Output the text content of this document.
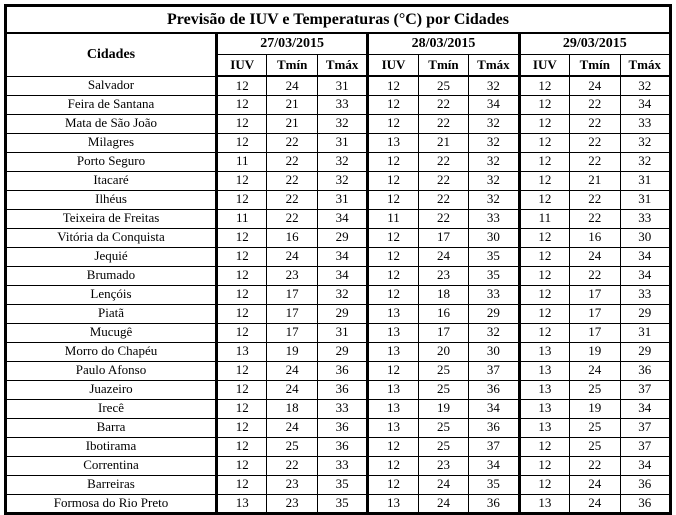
Previsão de IUV e Temperaturas (°C) por Cidades									
Cidades	27/03/2015			28/03/2015			29/03/2015		
	IUV	Tmín	Tmáx	IUV	Tmín	Tmáx	IUV	Tmín	Tmáx
Salvador	12	24	31	12	25	32	12	24	32
Feira de Santana	12	21	33	12	22	34	12	22	34
Mata de São João	12	21	32	12	22	32	12	22	33
Milagres	12	22	31	13	21	32	12	22	32
Porto Seguro	11	22	32	12	22	32	12	22	32
Itacaré	12	22	32	12	22	32	12	21	31
Ilhéus	12	22	31	12	22	32	12	22	31
Teixeira de Freitas	11	22	34	11	22	33	11	22	33
Vitória da Conquista	12	16	29	12	17	30	12	16	30
Jequié	12	24	34	12	24	35	12	24	34
Brumado	12	23	34	12	23	35	12	22	34
Lençóis	12	17	32	12	18	33	12	17	33
Piatã	12	17	29	13	16	29	12	17	29
Mucugê	12	17	31	13	17	32	12	17	31
Morro do Chapéu	13	19	29	13	20	30	13	19	29
Paulo Afonso	12	24	36	12	25	37	13	24	36
Juazeiro	12	24	36	13	25	36	13	25	37
Irecê	12	18	33	13	19	34	13	19	34
Barra	12	24	36	13	25	36	13	25	37
Ibotirama	12	25	36	12	25	37	12	25	37
Correntina	12	22	33	12	23	34	12	22	34
Barreiras	12	23	35	12	24	35	12	24	36
Formosa do Rio Preto	13	23	35	13	24	36	13	24	36
